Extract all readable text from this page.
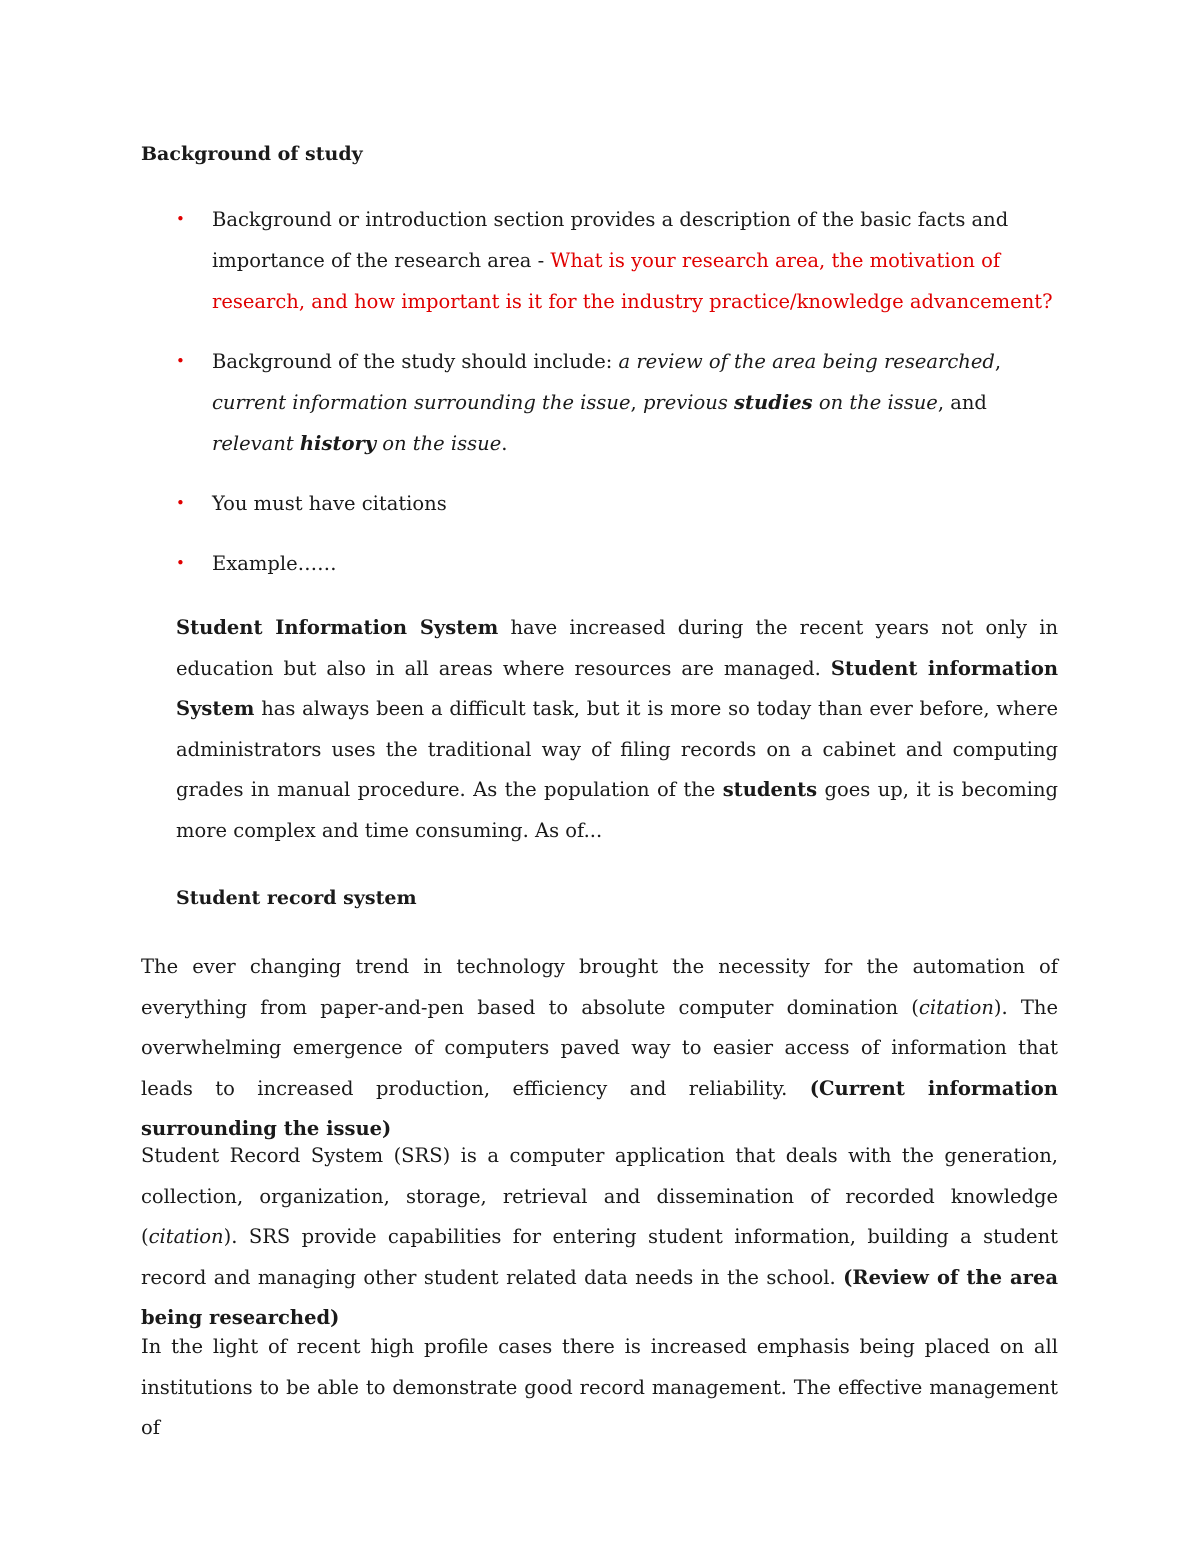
Background of study
• Background or introduction section provides a description of the basic facts and importance of the research area - What is your research area, the motivation of research, and how important is it for the industry practice/knowledge advancement?
• Background of the study should include: a review of the area being researched, current information surrounding the issue, previous studies on the issue, and relevant history on the issue.
• You must have citations
• Example……

Student Information System have increased during the recent years not only in education but also in all areas where resources are managed. Student information System has always been a difficult task, but it is more so today than ever before, where administrators uses the traditional way of filing records on a cabinet and computing grades in manual procedure. As the population of the students goes up, it is becoming more complex and time consuming. As of...

Student record system

The ever changing trend in technology brought the necessity for the automation of everything from paper-and-pen based to absolute computer domination (citation). The overwhelming emergence of computers paved way to easier access of information that leads to increased production, efficiency and reliability. (Current information surrounding the issue)

Student Record System (SRS) is a computer application that deals with the generation, collection, organization, storage, retrieval and dissemination of recorded knowledge (citation). SRS provide capabilities for entering student information, building a student record and managing other student related data needs in the school. (Review of the area being researched)

In the light of recent high profile cases there is increased emphasis being placed on all institutions to be able to demonstrate good record management. The effective management of
